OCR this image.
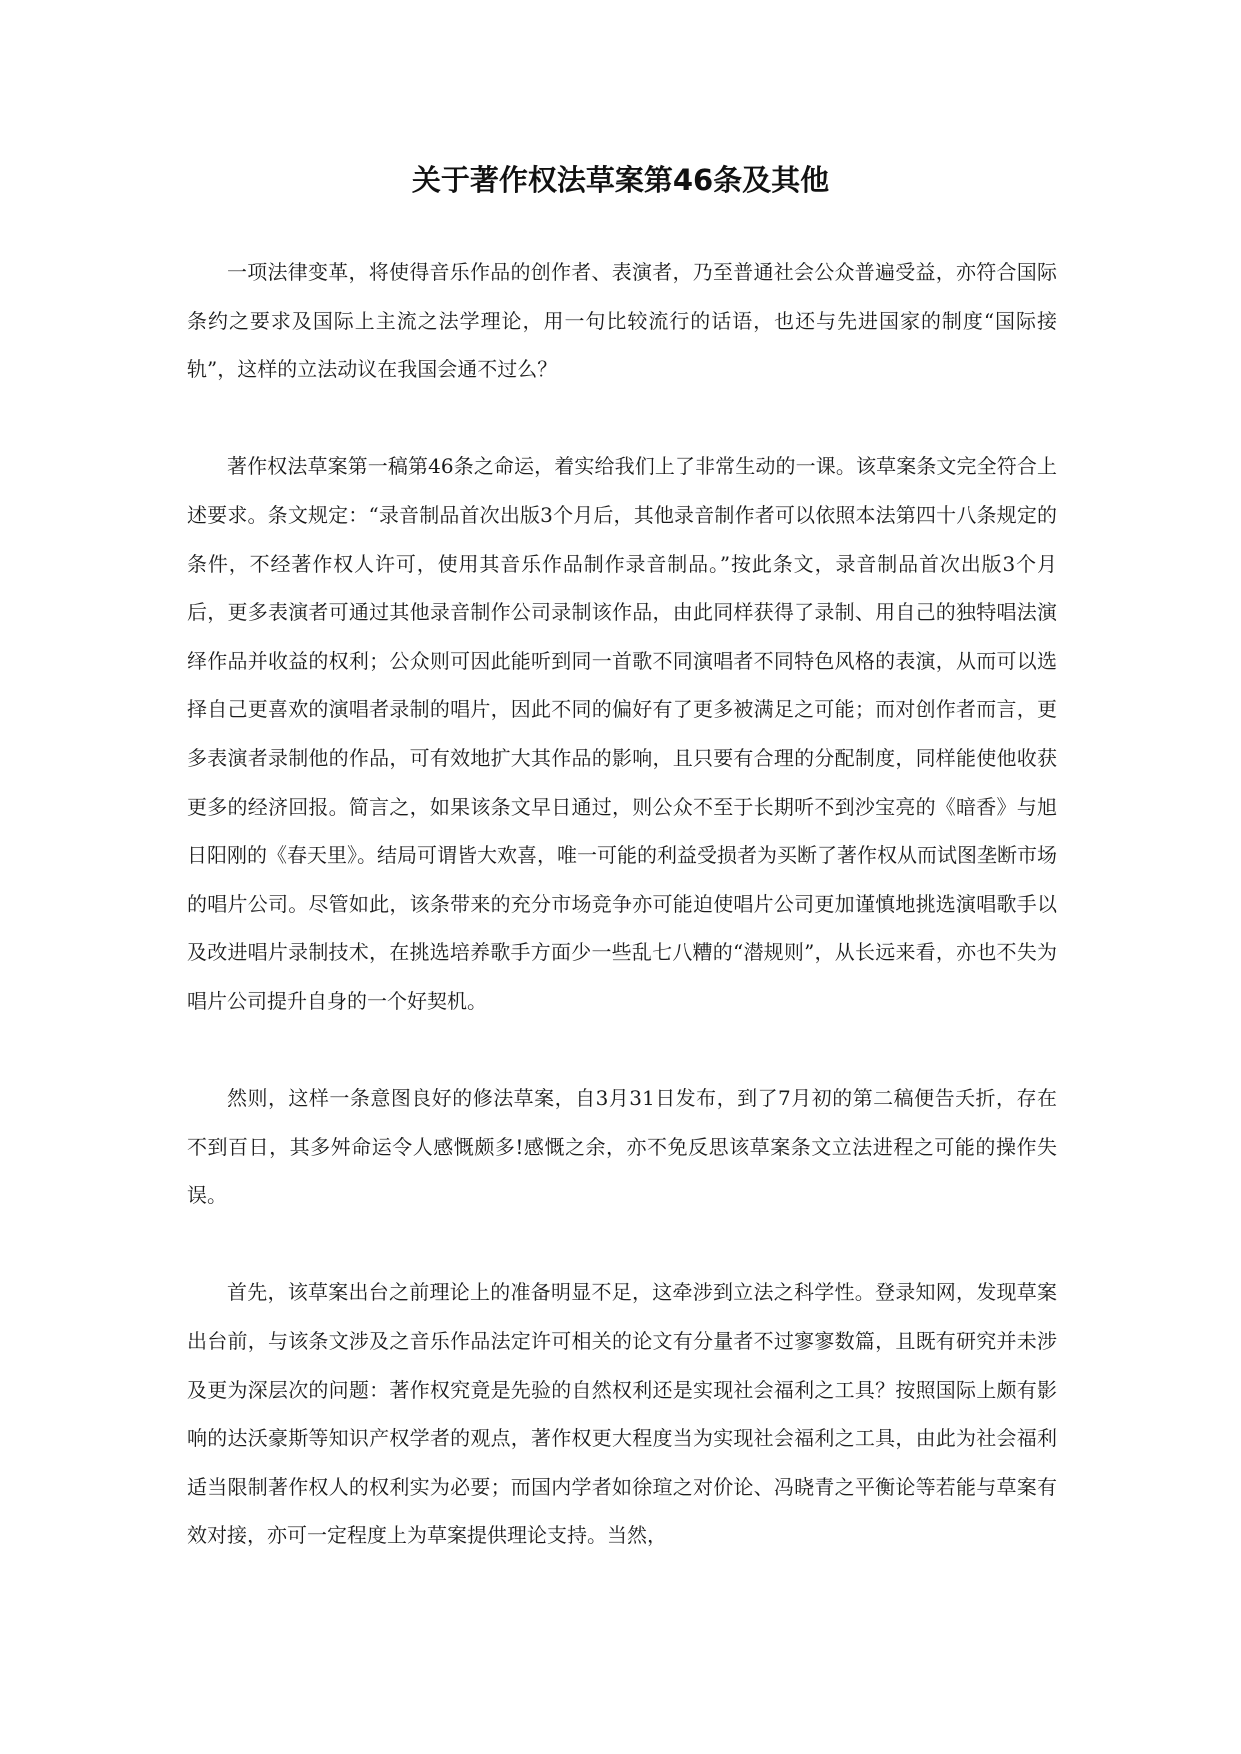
关于著作权法草案第46条及其他

一项法律变革，将使得音乐作品的创作者、表演者，乃至普通社会公众普遍受益，亦符合国际条约之要求及国际上主流之法学理论，用一句比较流行的话语，也还与先进国家的制度“国际接轨”，这样的立法动议在我国会通不过么？

著作权法草案第一稿第46条之命运，着实给我们上了非常生动的一课。该草案条文完全符合上述要求。条文规定：“录音制品首次出版3个月后，其他录音制作者可以依照本法第四十八条规定的条件，不经著作权人许可，使用其音乐作品制作录音制品。”按此条文，录音制品首次出版3个月后，更多表演者可通过其他录音制作公司录制该作品，由此同样获得了录制、用自己的独特唱法演绎作品并收益的权利；公众则可因此能听到同一首歌不同演唱者不同特色风格的表演，从而可以选择自己更喜欢的演唱者录制的唱片，因此不同的偏好有了更多被满足之可能；而对创作者而言，更多表演者录制他的作品，可有效地扩大其作品的影响，且只要有合理的分配制度，同样能使他收获更多的经济回报。简言之，如果该条文早日通过，则公众不至于长期听不到沙宝亮的《暗香》与旭日阳刚的《春天里》。结局可谓皆大欢喜，唯一可能的利益受损者为买断了著作权从而试图垄断市场的唱片公司。尽管如此，该条带来的充分市场竞争亦可能迫使唱片公司更加谨慎地挑选演唱歌手以及改进唱片录制技术，在挑选培养歌手方面少一些乱七八糟的“潜规则”，从长远来看，亦也不失为唱片公司提升自身的一个好契机。

然则，这样一条意图良好的修法草案，自3月31日发布，到了7月初的第二稿便告夭折，存在不到百日，其多舛命运令人感慨颇多!感慨之余，亦不免反思该草案条文立法进程之可能的操作失误。

首先，该草案出台之前理论上的准备明显不足，这牵涉到立法之科学性。登录知网，发现草案出台前，与该条文涉及之音乐作品法定许可相关的论文有分量者不过寥寥数篇，且既有研究并未涉及更为深层次的问题：著作权究竟是先验的自然权利还是实现社会福利之工具？按照国际上颇有影响的达沃豪斯等知识产权学者的观点，著作权更大程度当为实现社会福利之工具，由此为社会福利适当限制著作权人的权利实为必要；而国内学者如徐瑄之对价论、冯晓青之平衡论等若能与草案有效对接，亦可一定程度上为草案提供理论支持。当然，
